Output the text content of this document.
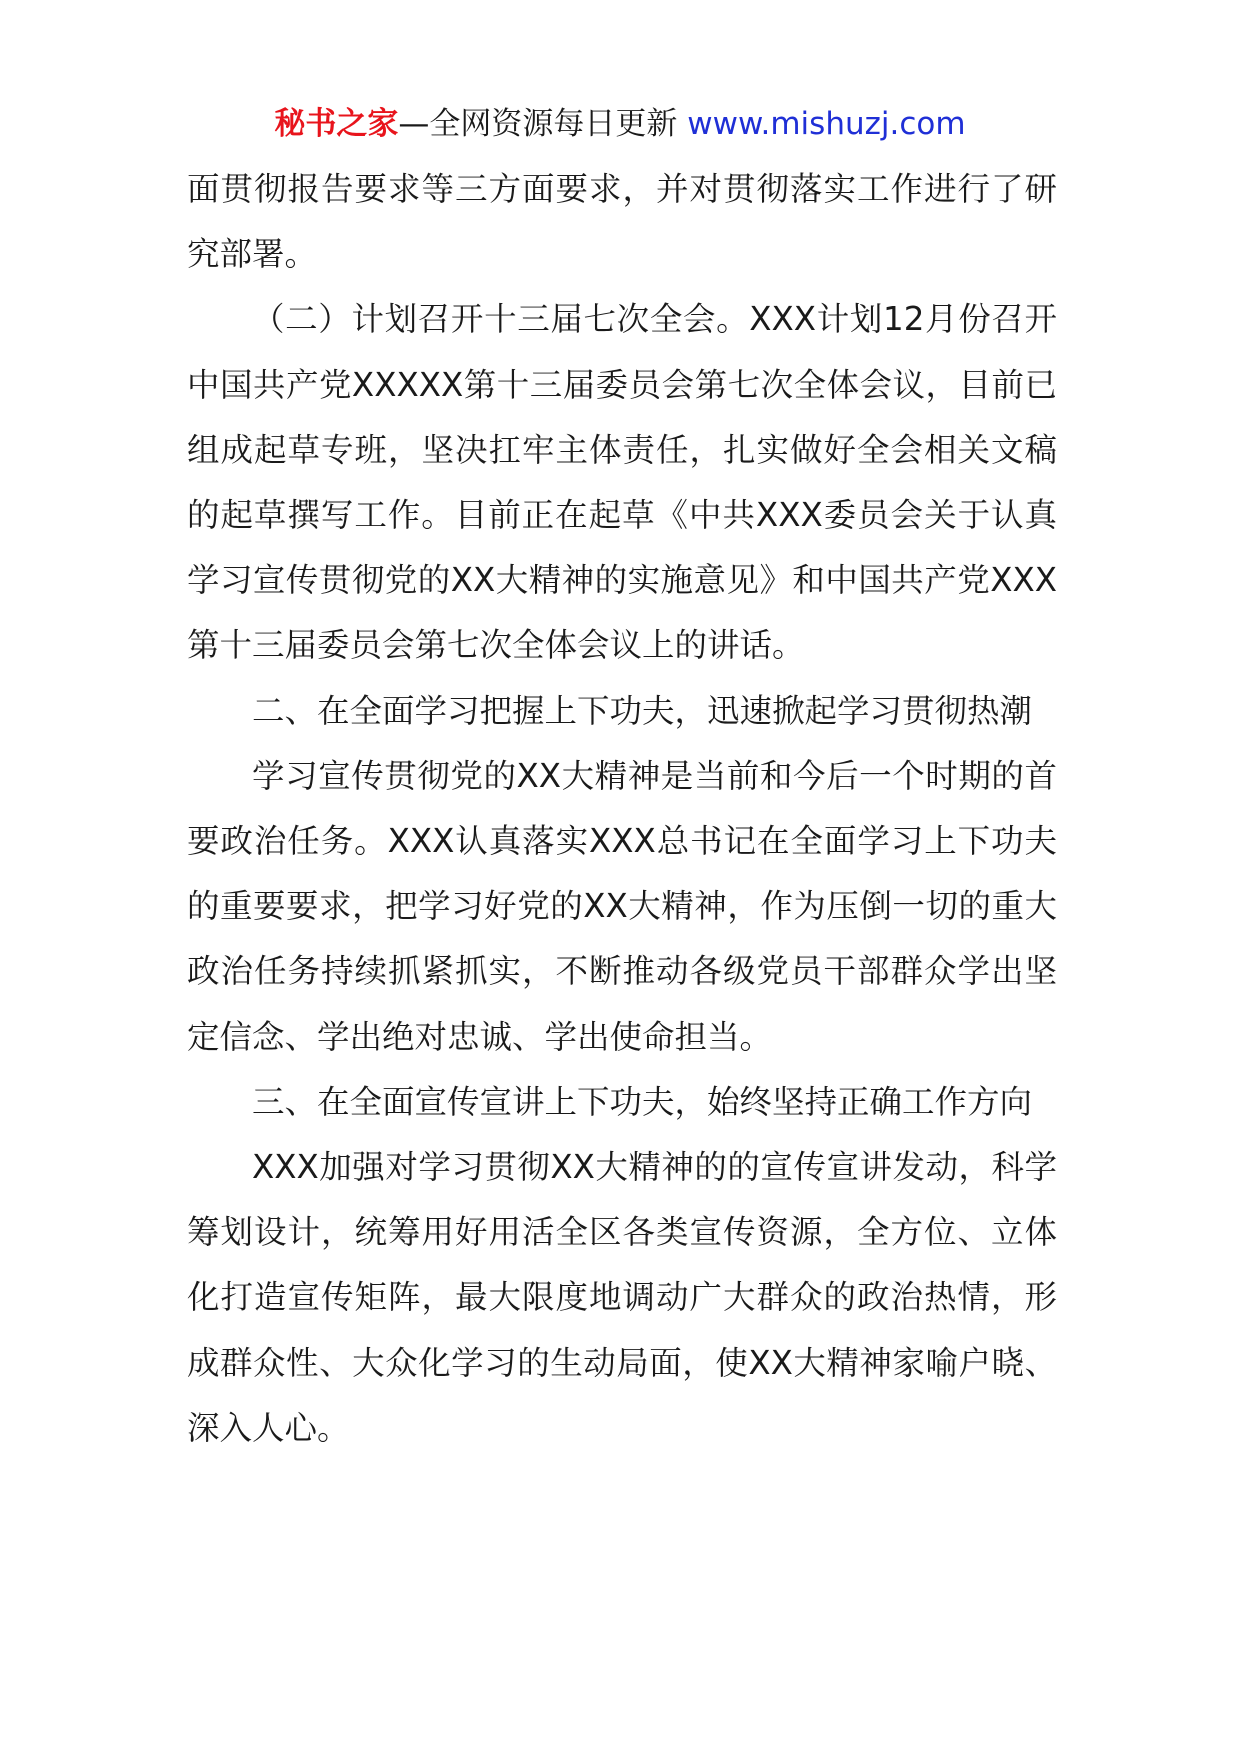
秘书之家—全网资源每日更新 www.mishuzj.com

面贯彻报告要求等三方面要求，并对贯彻落实工作进行了研究部署。

（二）计划召开十三届七次全会。XXX计划12月份召开中国共产党XXXXX第十三届委员会第七次全体会议，目前已组成起草专班，坚决扛牢主体责任，扎实做好全会相关文稿的起草撰写工作。目前正在起草《中共XXX委员会关于认真学习宣传贯彻党的XX大精神的实施意见》和中国共产党XXX第十三届委员会第七次全体会议上的讲话。

二、在全面学习把握上下功夫，迅速掀起学习贯彻热潮

学习宣传贯彻党的XX大精神是当前和今后一个时期的首要政治任务。XXX认真落实XXX总书记在全面学习上下功夫的重要要求，把学习好党的XX大精神，作为压倒一切的重大政治任务持续抓紧抓实，不断推动各级党员干部群众学出坚定信念、学出绝对忠诚、学出使命担当。

三、在全面宣传宣讲上下功夫，始终坚持正确工作方向

XXX加强对学习贯彻XX大精神的的宣传宣讲发动，科学筹划设计，统筹用好用活全区各类宣传资源，全方位、立体化打造宣传矩阵，最大限度地调动广大群众的政治热情，形成群众性、大众化学习的生动局面，使XX大精神家喻户晓、深入人心。
